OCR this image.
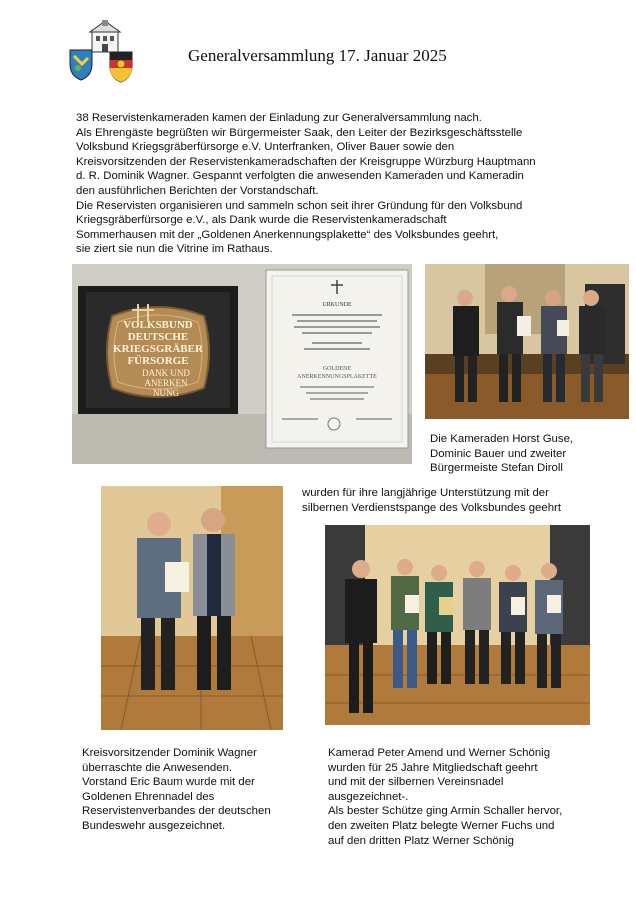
Generalversammlung 17. Januar 2025
38 Reservistenkameraden kamen der Einladung zur Generalversammlung nach.
Als Ehrengäste begrüßten wir Bürgermeister Saak, den Leiter der Bezirksgeschäftsstelle
Volksbund Kriegsgräberfürsorge e.V. Unterfranken, Oliver Bauer sowie den
Kreisvorsitzenden der Reservistenkameradschaften der Kreisgruppe Würzburg Hauptmann
d. R. Dominik Wagner. Gespannt verfolgten die anwesenden Kameraden und Kameradin
den ausführlichen Berichten der Vorstandschaft.
Die Reservisten organisieren und sammeln schon seit ihrer Gründung für den Volksbund
Kriegsgräberfürsorge e.V., als Dank wurde die Reservistenkameradschaft
Sommerhausen mit der „Goldenen Anerkennungsplakette“ des Volksbundes geehrt,
sie ziert sie nun die Vitrine im Rathaus.
VOLKSBUND
DEUTSCHE
KRIEGSGRÄBER
FÜRSORGE
DANK UND
ANERKEN
NUNG
URKUNDE
GOLDENE
ANERKENNUNGSPLAKETTE
Die Kameraden Horst Guse,
Dominic Bauer und zweiter
Bürgermeiste Stefan Diroll
wurden für ihre langjährige Unterstützung mit der
silbernen Verdienstspange des Volksbundes geehrt
Kreisvorsitzender Dominik Wagner
überraschte die Anwesenden.
Vorstand Eric Baum wurde mit der
Goldenen Ehrennadel des
Reservistenverbandes der deutschen
Bundeswehr ausgezeichnet.
Kamerad Peter Amend und Werner Schönig
wurden für 25 Jahre Mitgliedschaft geehrt
und mit der silbernen Vereinsnadel
ausgezeichnet-.
Als bester Schütze ging Armin Schaller hervor,
den zweiten Platz belegte Werner Fuchs und
auf den dritten Platz Werner Schönig
